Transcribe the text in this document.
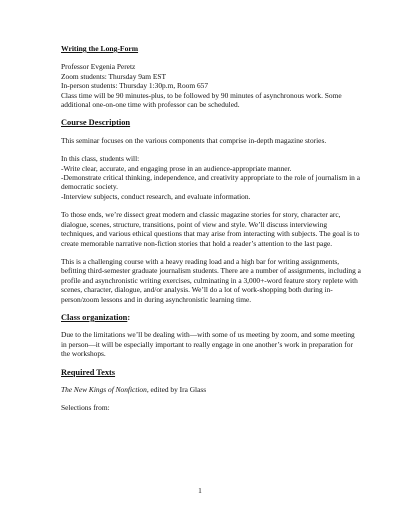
Writing the Long-Form

Professor Evgenia Peretz

Zoom students: Thursday 9am EST

In-person students: Thursday 1:30p.m, Room 657

Class time will be 90 minutes-plus, to be followed by 90 minutes of asynchronous work. Some additional one-on-one time with professor can be scheduled.

Course Description

This seminar focuses on the various components that comprise in-depth magazine stories.

In this class, students will:

-Write clear, accurate, and engaging prose in an audience-appropriate manner.

-Demonstrate critical thinking, independence, and creativity appropriate to the role of journalism in a democratic society.

-Interview subjects, conduct research, and evaluate information.

To those ends, we’re dissect great modern and classic magazine stories for story, character arc, dialogue, scenes, structure, transitions, point of view and style. We’ll discuss interviewing techniques, and various ethical questions that may arise from interacting with subjects. The goal is to create memorable narrative non-fiction stories that hold a reader’s attention to the last page.

This is a challenging course with a heavy reading load and a high bar for writing assignments, befitting third-semester graduate journalism students. There are a number of assignments, including a profile and asynchronistic writing exercises, culminating in a 3,000+-word feature story replete with scenes, character, dialogue, and/or analysis. We’ll do a lot of work-shopping both during in-person/zoom lessons and in during asynchronistic learning time.

Class organization:

Due to the limitations we’ll be dealing with—with some of us meeting by zoom, and some meeting in person—it will be especially important to really engage in one another’s work in preparation for the workshops.

Required Texts

The New Kings of Nonfiction, edited by Ira Glass

Selections from:

1
